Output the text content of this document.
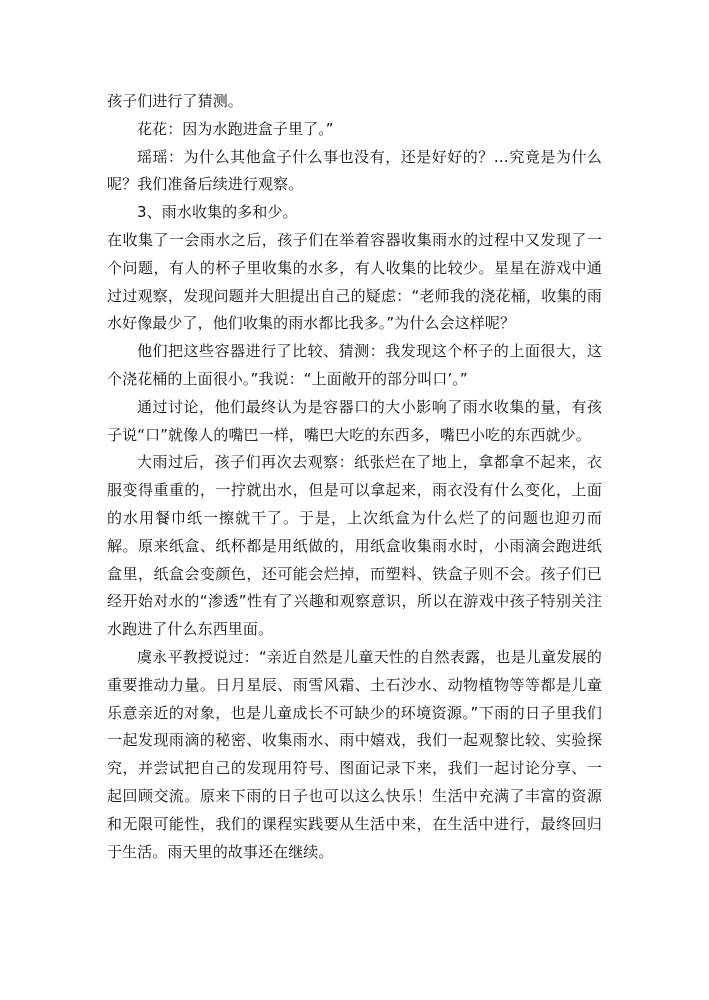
孩子们进行了猜测。

花花：因为水跑进盒子里了。”

瑶瑶：为什么其他盒子什么事也没有，还是好好的？…究竟是为什么呢？我们准备后续进行观察。

3、雨水收集的多和少。

在收集了一会雨水之后，孩子们在举着容器收集雨水的过程中又发现了一个问题，有人的杯子里收集的水多，有人收集的比较少。星星在游戏中通过过观察，发现问题并大胆提出自己的疑虑：“老师我的浇花桶，收集的雨水好像最少了，他们收集的雨水都比我多。”为什么会这样呢？

他们把这些容器进行了比较、猜测：我发现这个杯子的上面很大，这个浇花桶的上面很小。”我说：“上面敞开的部分叫口’。”

通过讨论，他们最终认为是容器口的大小影响了雨水收集的量，有孩子说“口”就像人的嘴巴一样，嘴巴大吃的东西多，嘴巴小吃的东西就少。

大雨过后，孩子们再次去观察：纸张烂在了地上，拿都拿不起来，衣服变得重重的，一拧就出水，但是可以拿起来，雨衣没有什么变化，上面的水用餐巾纸一擦就干了。于是，上次纸盒为什么烂了的问题也迎刃而解。原来纸盒、纸杯都是用纸做的，用纸盒收集雨水时，小雨滴会跑进纸盒里，纸盒会变颜色，还可能会烂掉，而塑料、铁盒子则不会。孩子们已经开始对水的“渗透”性有了兴趣和观察意识，所以在游戏中孩子特别关注水跑进了什么东西里面。

虞永平教授说过：“亲近自然是儿童天性的自然表露，也是儿童发展的重要推动力量。日月星辰、雨雪风霜、土石沙水、动物植物等等都是儿童乐意亲近的对象，也是儿童成长不可缺少的环境资源。”下雨的日子里我们一起发现雨滴的秘密、收集雨水、雨中嬉戏，我们一起观黎比较、实验探究，并尝试把自己的发现用符号、图面记录下来，我们一起讨论分享、一起回顾交流。原来下雨的日子也可以这么快乐！生活中充满了丰富的资源和无限可能性，我们的课程实践要从生活中来，在生活中进行，最终回归于生活。雨天里的故事还在继续。
